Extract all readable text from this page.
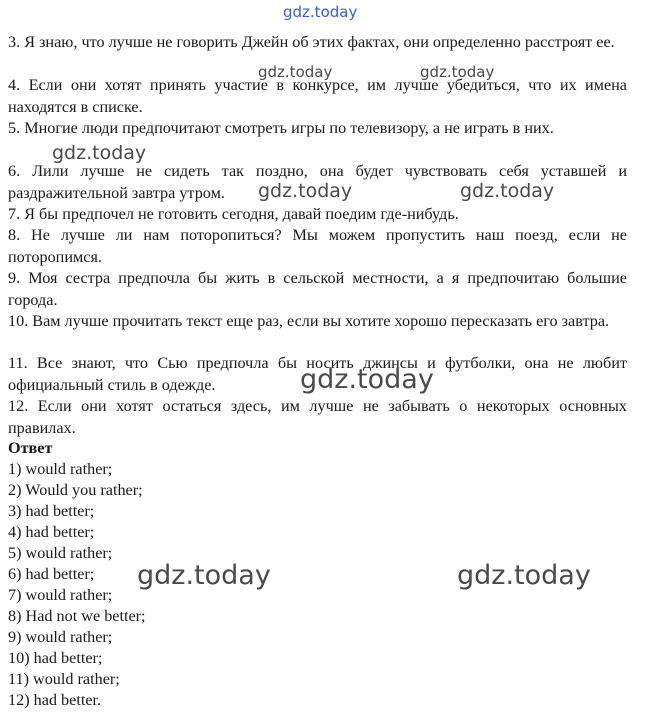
gdz.today
3. Я знаю, что лучше не говорить Джейн об этих фактах, они определенно расстроят ее.
4. Если они хотят принять участие в конкурсе, им лучше убедиться, что их имена находятся в списке.
5. Многие люди предпочитают смотреть игры по телевизору, а не играть в них.
6. Лили лучше не сидеть так поздно, она будет чувствовать себя уставшей и раздражительной завтра утром.
7. Я бы предпочел не готовить сегодня, давай поедим где-нибудь.
8. Не лучше ли нам поторопиться? Мы можем пропустить наш поезд, если не поторопимся.
9. Моя сестра предпочла бы жить в сельской местности, а я предпочитаю большие города.
10. Вам лучше прочитать текст еще раз, если вы хотите хорошо пересказать его завтра.
11. Все знают, что Сью предпочла бы носить джинсы и футболки, она не любит официальный стиль в одежде.
12. Если они хотят остаться здесь, им лучше не забывать о некоторых основных правилах.
Ответ
1) would rather;
2) Would you rather;
3) had better;
4) had better;
5) would rather;
6) had better;
7) would rather;
8) Had not we better;
9) would rather;
10) had better;
11) would rather;
12) had better.
gdz.today	gdz.today
gdz.today
gdz.today	gdz.today
gdz.today
gdz.today	gdz.today
